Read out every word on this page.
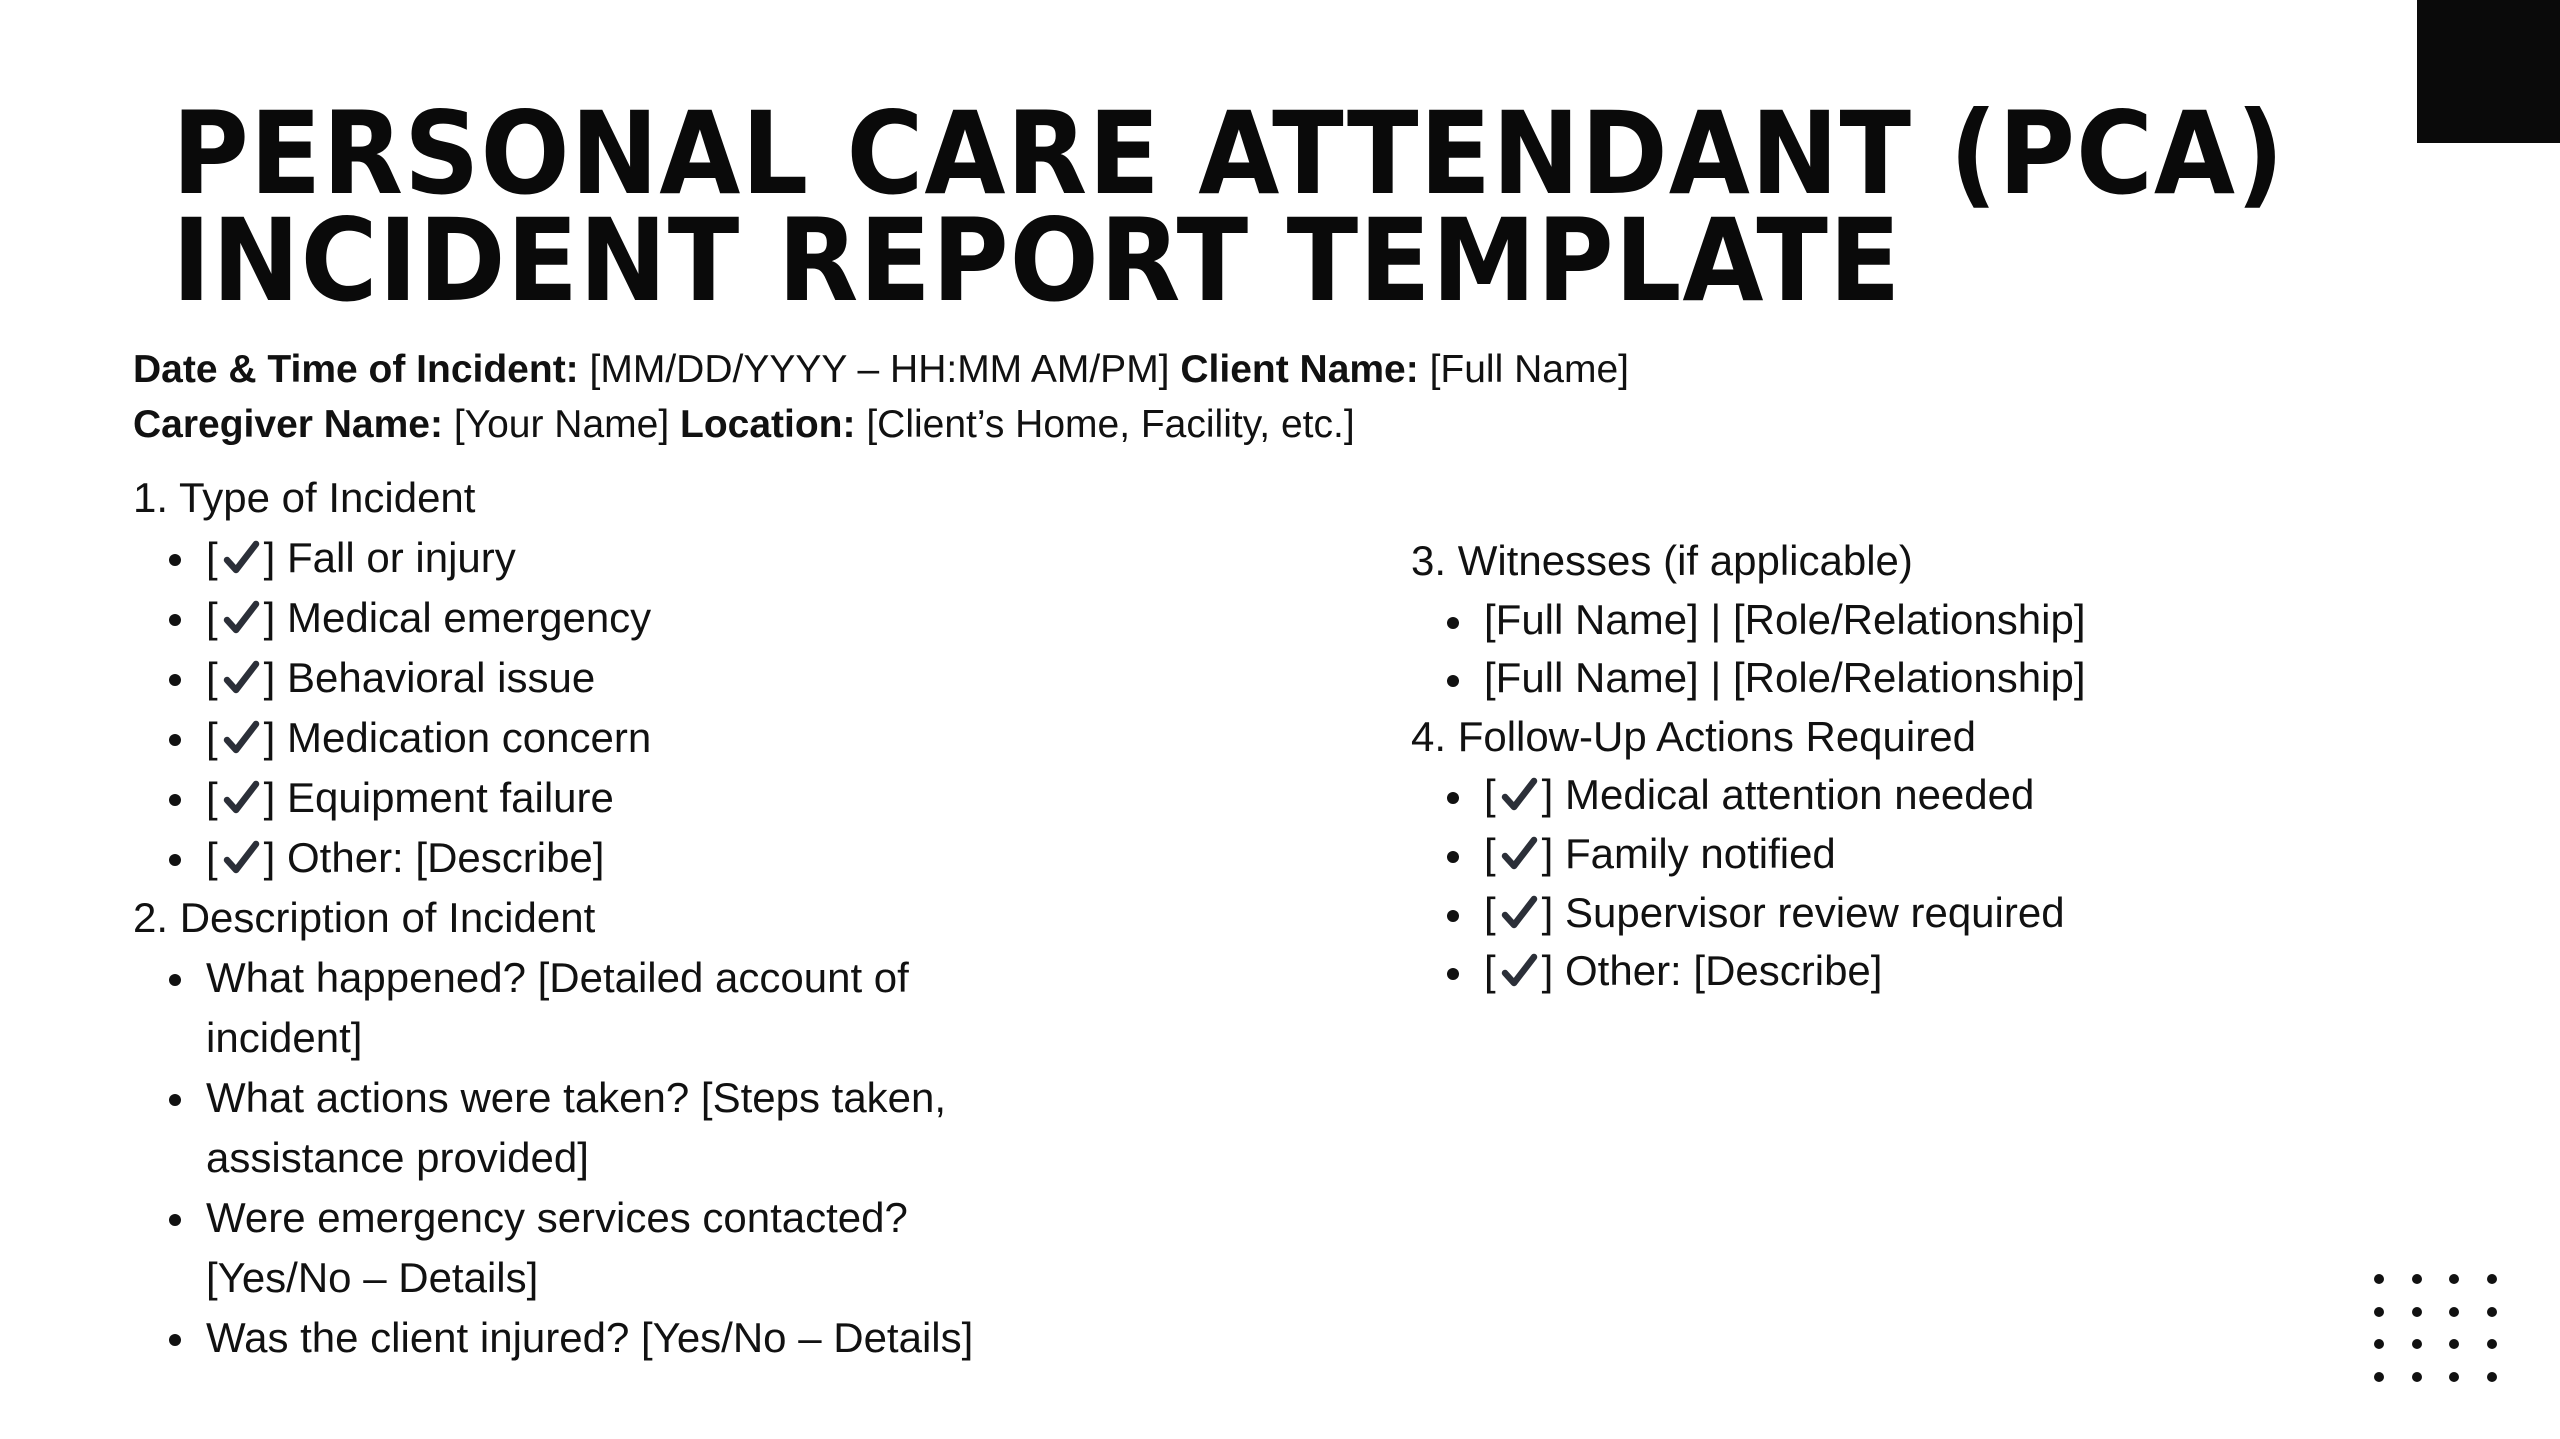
PERSONAL CARE ATTENDANT (PCA)
INCIDENT REPORT TEMPLATE
Date & Time of Incident: [MM/DD/YYYY – HH:MM AM/PM] Client Name: [Full Name]
Caregiver Name: [Your Name] Location: [Client’s Home, Facility, etc.]
1. Type of Incident
[ ] Fall or injury
[ ] Medical emergency
[ ] Behavioral issue
[ ] Medication concern
[ ] Equipment failure
[ ] Other: [Describe]
2. Description of Incident
What happened? [Detailed account of incident]
What actions were taken? [Steps taken, assistance provided]
Were emergency services contacted? [Yes/No – Details]
Was the client injured? [Yes/No – Details]
3. Witnesses (if applicable)
[Full Name] | [Role/Relationship]
[Full Name] | [Role/Relationship]
4. Follow-Up Actions Required
[ ] Medical attention needed
[ ] Family notified
[ ] Supervisor review required
[ ] Other: [Describe]
